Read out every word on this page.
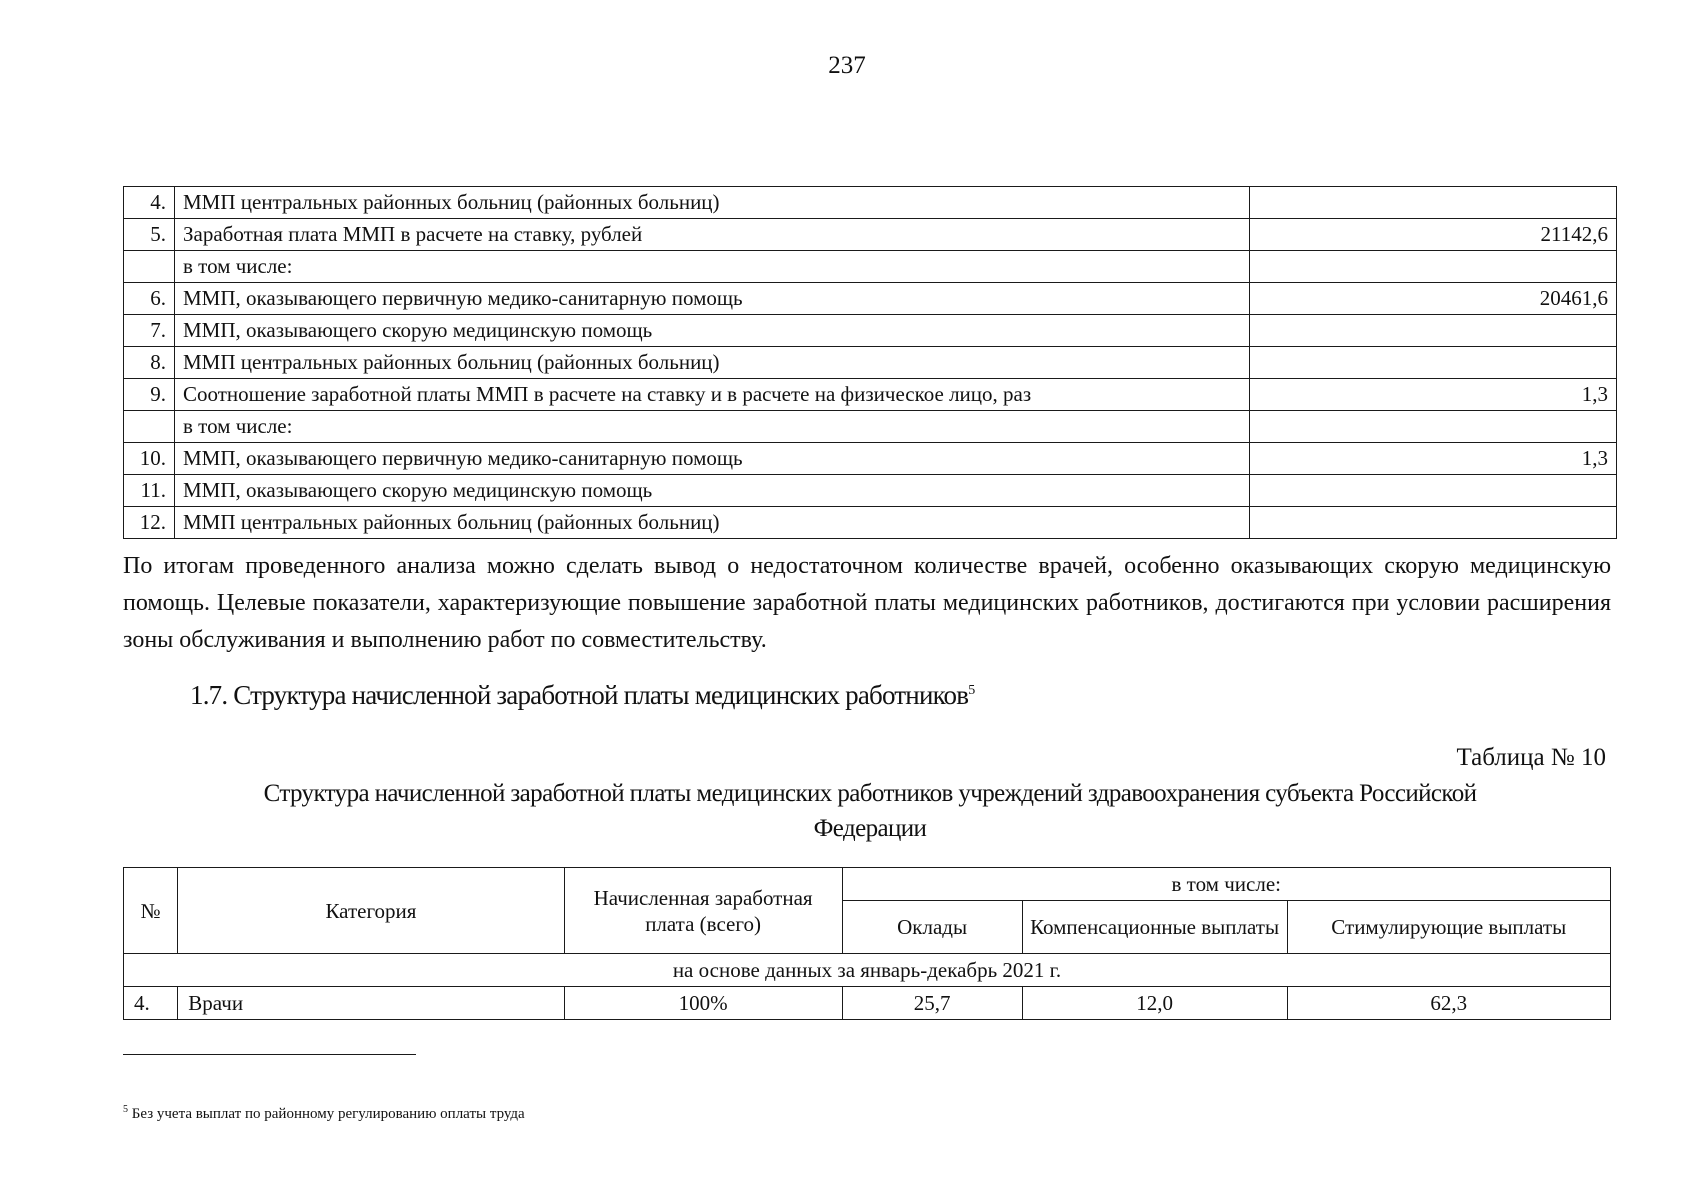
237
4.	ММП центральных районных больниц (районных больниц)	
5.	Заработная плата ММП в расчете на ставку, рублей	21142,6
	в том числе:	
6.	ММП, оказывающего первичную медико-санитарную помощь	20461,6
7.	ММП, оказывающего скорую медицинскую помощь	
8.	ММП центральных районных больниц (районных больниц)	
9.	Соотношение заработной платы ММП в расчете на ставку и в расчете на физическое лицо, раз	1,3
	в том числе:	
10.	ММП, оказывающего первичную медико-санитарную помощь	1,3
11.	ММП, оказывающего скорую медицинскую помощь	
12.	ММП центральных районных больниц (районных больниц)	
По итогам проведенного анализа можно сделать вывод о недостаточном количестве врачей, особенно оказывающих скорую медицинскую помощь. Целевые показатели, характеризующие повышение заработной платы медицинских работников, достигаются при условии расширения зоны обслуживания и выполнению работ по совместительству.
1.7. Структура начисленной заработной платы медицинских работников$^5$
Таблица № 10
Структура начисленной заработной платы медицинских работников учреждений здравоохранения субъекта Российской
Федерации
№	Категория	Начисленная заработная плата (всего)	в том числе:		
			Оклады	Компенсационные выплаты	Стимулирующие выплаты
на основе данных за январь-декабрь 2021 г.					
4.	Врачи	100%	25,7	12,0	62,3
$^5$ Без учета выплат по районному регулированию оплаты труда
